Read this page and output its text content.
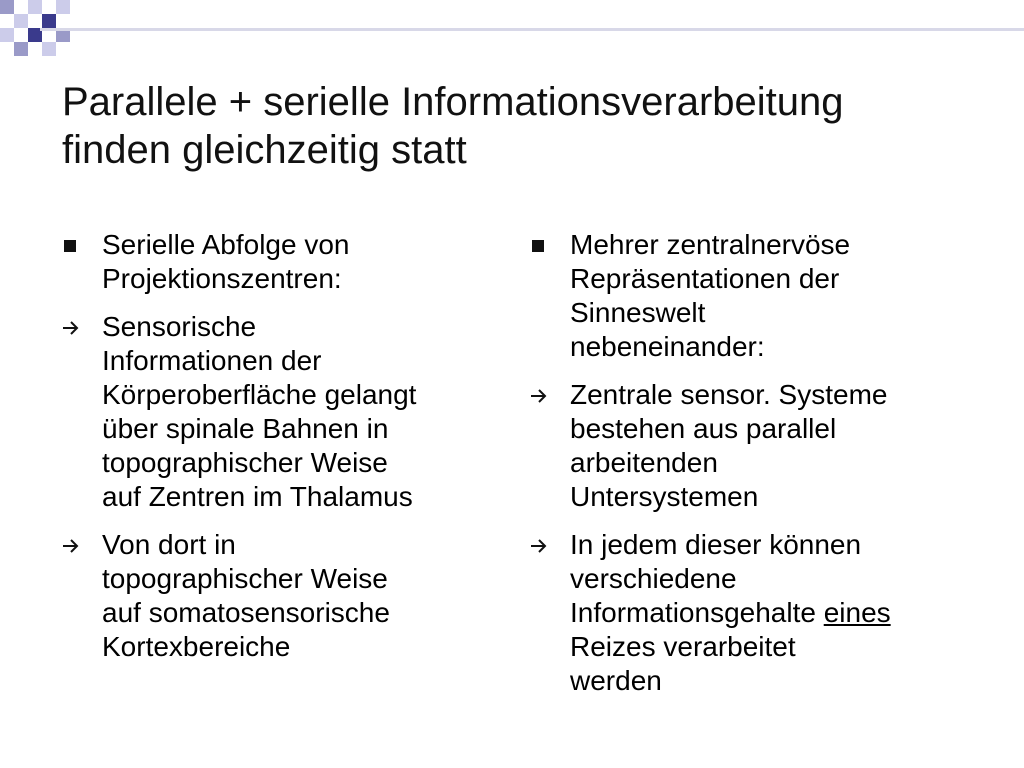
Parallele + serielle Informationsverarbeitung
finden gleichzeitig statt
Serielle Abfolge von
Projektionszentren:
Sensorische
Informationen der
Körperoberfläche gelangt
über spinale Bahnen in
topographischer Weise
auf Zentren im Thalamus
Von dort in
topographischer Weise
auf somatosensorische
Kortexbereiche
Mehrer zentralnervöse
Repräsentationen der
Sinneswelt
nebeneinander:
Zentrale sensor. Systeme
bestehen aus parallel
arbeitenden
Untersystemen
In jedem dieser können
verschiedene
Informationsgehalte eines
Reizes verarbeitet
werden
